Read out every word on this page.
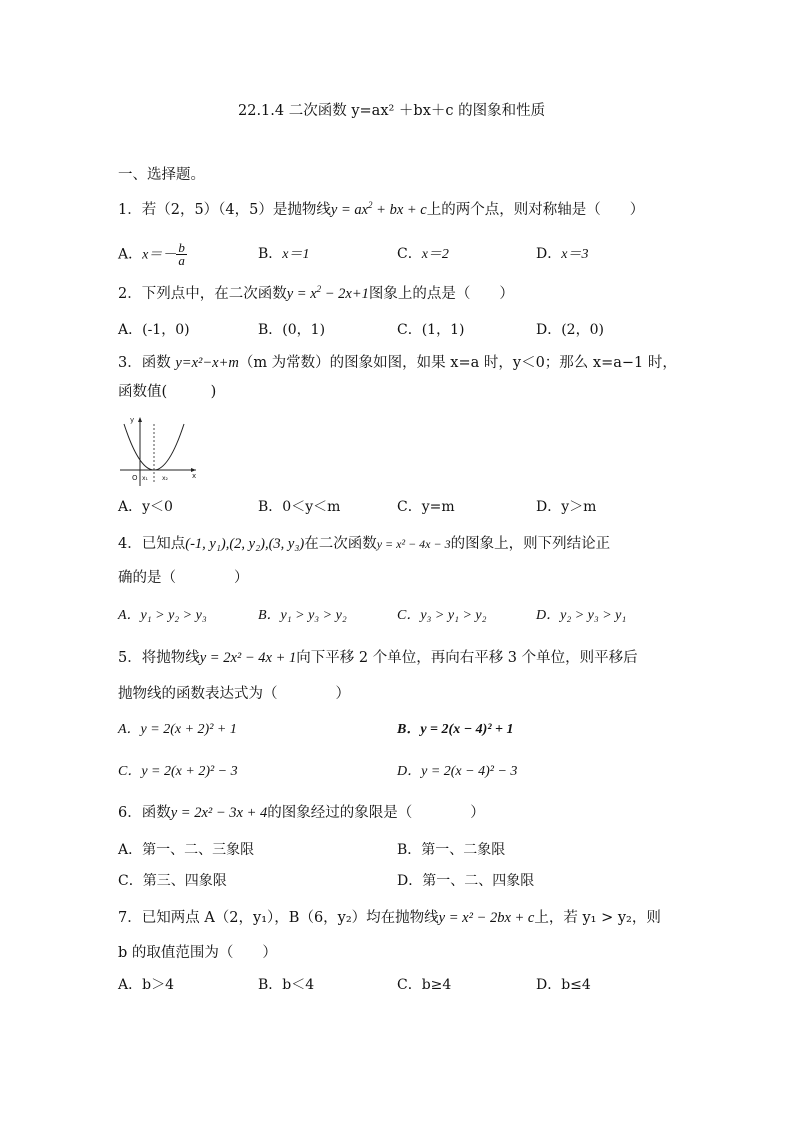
22.1.4 二次函数 y=ax² ＋bx＋c 的图象和性质
一、选择题。
1．若（2，5）（4，5）是抛物线$y = ax^2$ + bx + c上的两个点，则对称轴是（　　）
A．$x=- \frac{b}{a}$	B．x＝1	C．x＝2	D．x＝3
2．下列点中，在二次函数$y = x^2 - 2x+1$图象上的点是（　　）
A．(-1，0)	B．(0，1)	C．(1，1)	D．(2，0)
3．函数 y=x²−x+m（m 为常数）的图象如图，如果 x=a 时，y＜0；那么 x=a−1 时，
函数值(　　　)
y
x
O x₁ x₂
A．y＜0	B．0＜y＜m	C．y=m	D．y＞m
4．已知点(-1, y₁),(2, y₂),(3, y₃)在二次函数y = x² − 4x − 3的图象上，则下列结论正
确的是（　　　　）
A．y₁ > y₂ > y₃	B．y₁ > y₃ > y₂	C．y₃ > y₁ > y₂	D．y₂ > y₃ > y₁
5．将抛物线y = 2x² − 4x + 1向下平移 2 个单位，再向右平移 3 个单位，则平移后
抛物线的函数表达式为（　　　　）
A．y = 2(x + 2)² + 1	B．y = 2(x − 4)² + 1
C．y = 2(x + 2)² − 3	D．y = 2(x − 4)² − 3
6．函数y = 2x² − 3x + 4的图象经过的象限是（　　　　）
A．第一、二、三象限	B．第一、二象限
C．第三、四象限	D．第一、二、四象限
7．已知两点 A（2，y₁），B（6，y₂）均在抛物线y = x² − 2bx + c上，若 y₁ > y₂，则
b 的取值范围为（　　）
A．b＞4	B．b＜4	C．b≥4	D．b≤4
